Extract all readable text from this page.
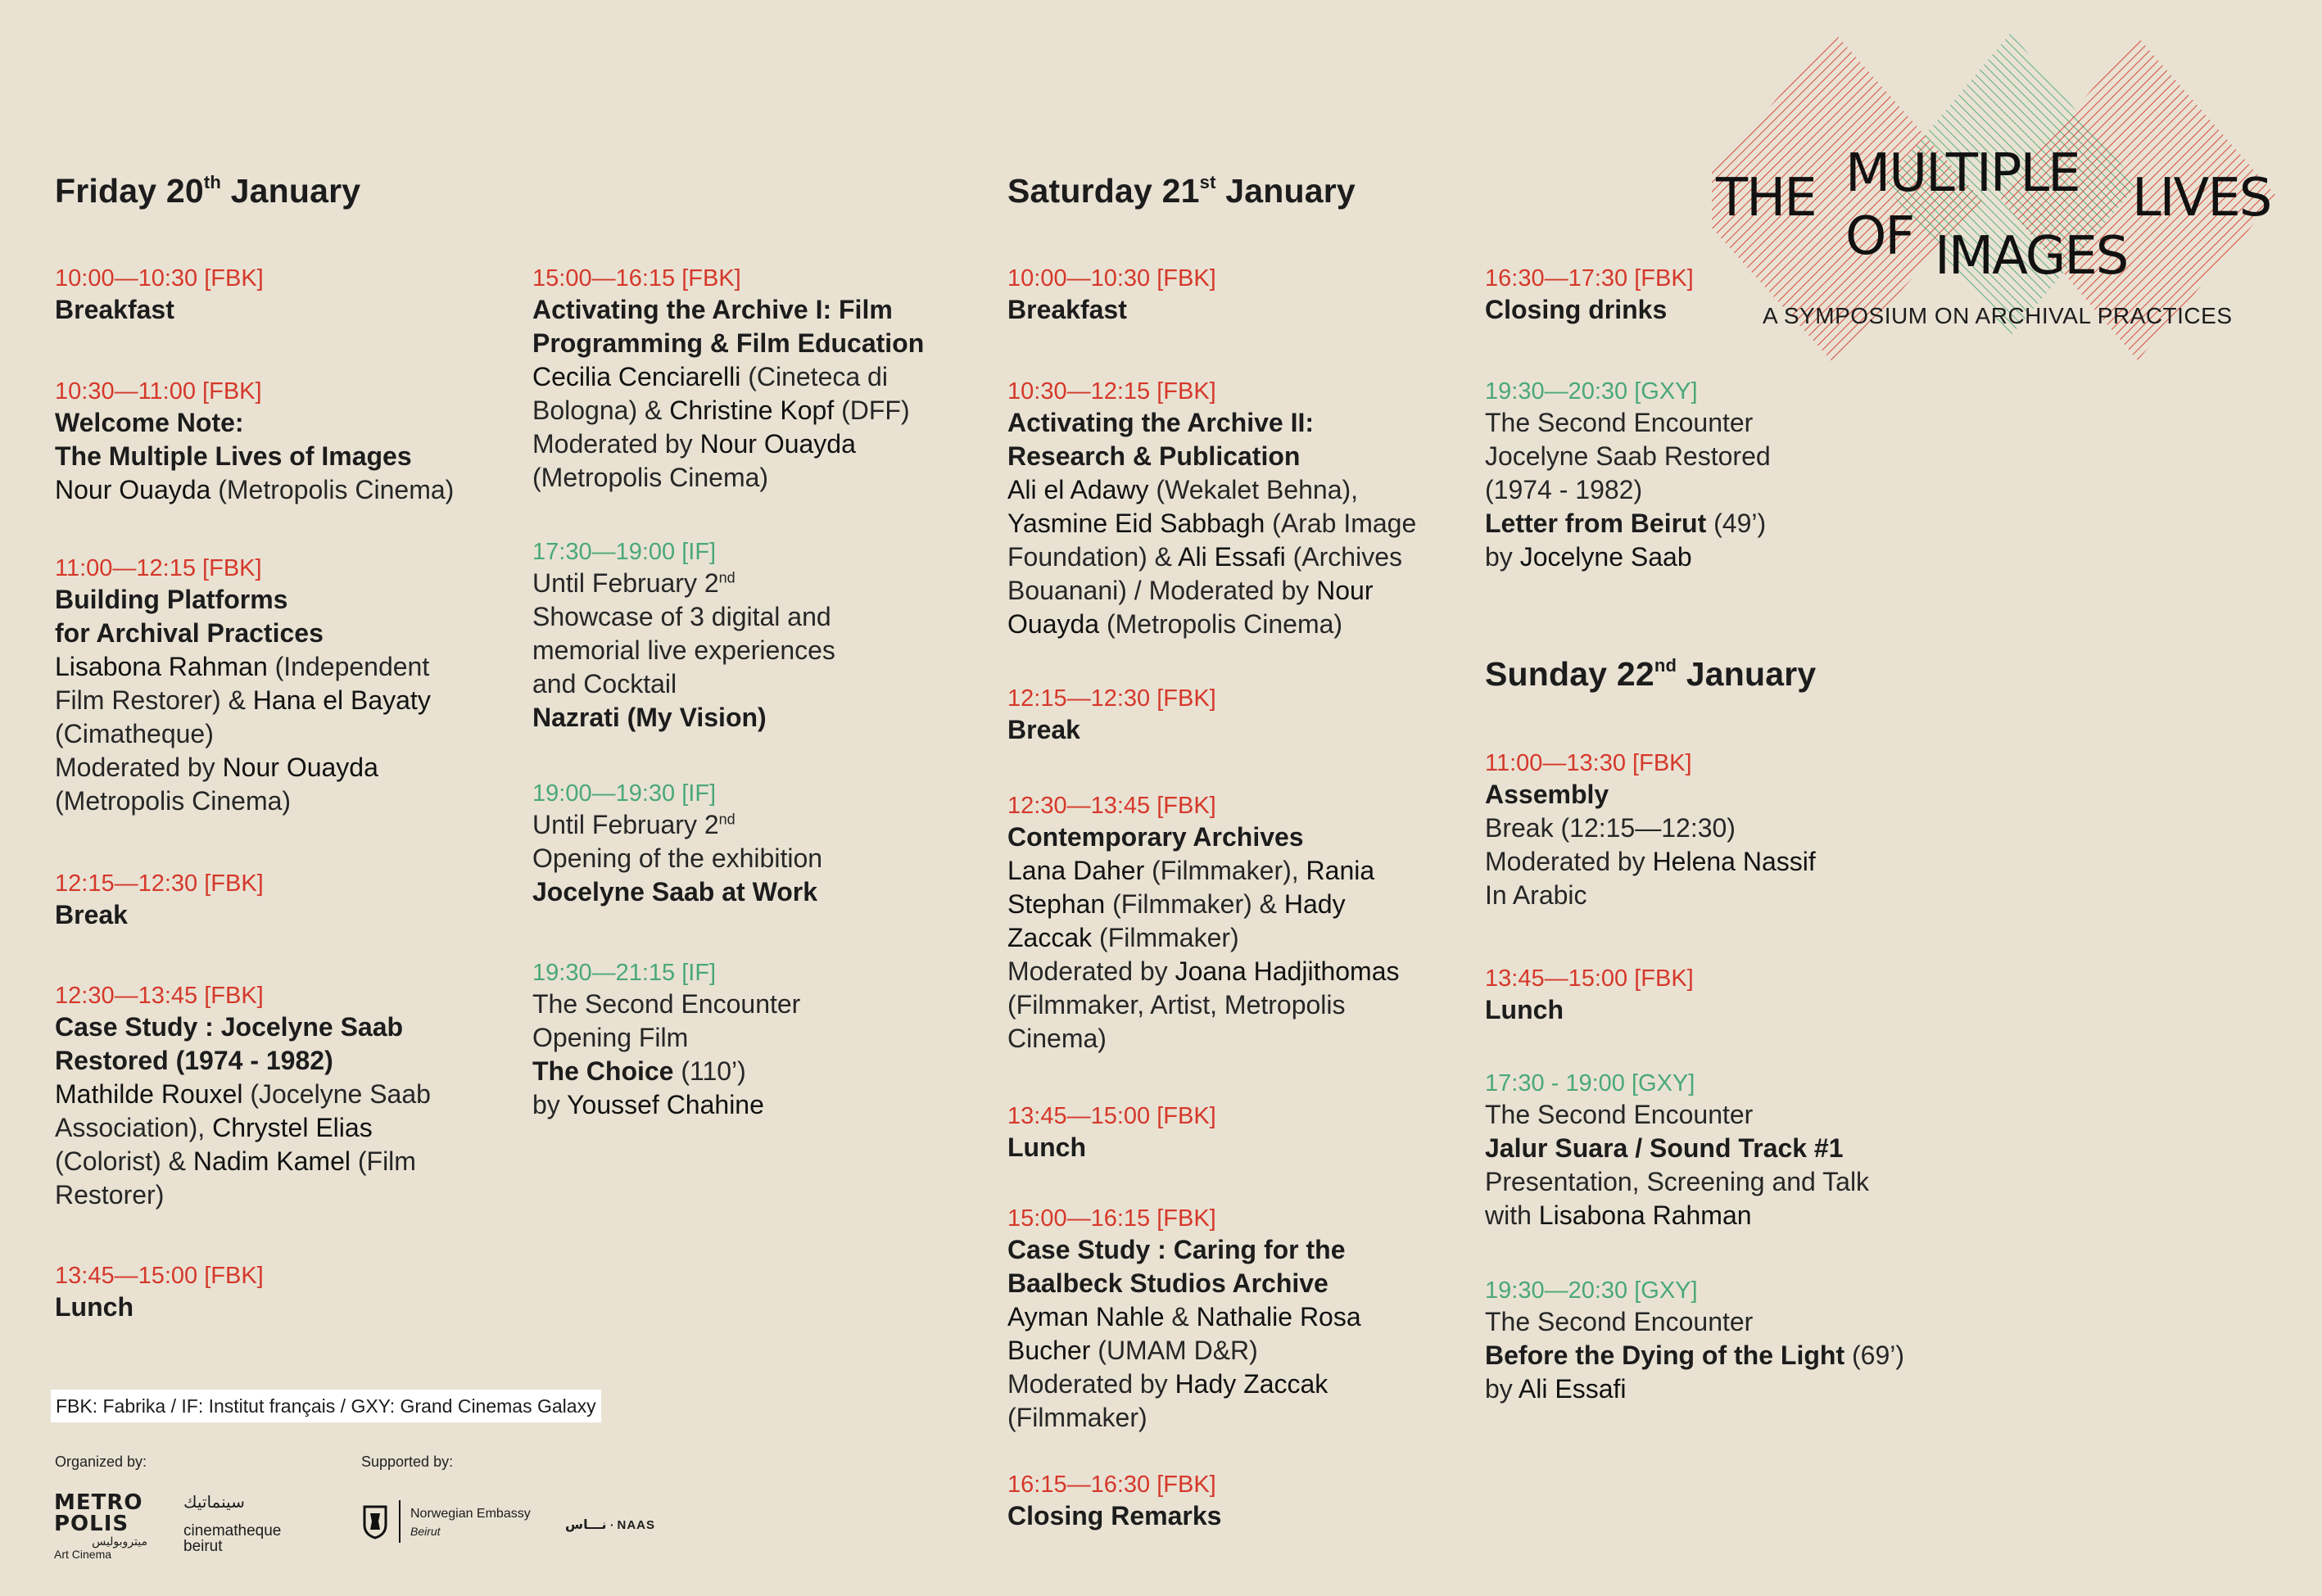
THE MULTIPLE LIVES
OF IMAGES
A SYMPOSIUM ON ARCHIVAL PRACTICES
Friday 20th January
10:00—10:30 [FBK]
Breakfast
10:30—11:00 [FBK]
Welcome Note:
The Multiple Lives of Images
Nour Ouayda (Metropolis Cinema)
11:00—12:15 [FBK]
Building Platforms
for Archival Practices
Lisabona Rahman (Independent
Film Restorer) & Hana el Bayaty
(Cimatheque)
Moderated by Nour Ouayda
(Metropolis Cinema)
12:15—12:30 [FBK]
Break
12:30—13:45 [FBK]
Case Study : Jocelyne Saab
Restored (1974 - 1982)
Mathilde Rouxel (Jocelyne Saab
Association), Chrystel Elias
(Colorist) & Nadim Kamel (Film
Restorer)
13:45—15:00 [FBK]
Lunch
15:00—16:15 [FBK]
Activating the Archive I: Film
Programming & Film Education
Cecilia Cenciarelli (Cineteca di
Bologna) & Christine Kopf (DFF)
Moderated by Nour Ouayda
(Metropolis Cinema)
17:30—19:00 [IF]
Until February 2nd
Showcase of 3 digital and
memorial live experiences
and Cocktail
Nazrati (My Vision)
19:00—19:30 [IF]
Until February 2nd
Opening of the exhibition
Jocelyne Saab at Work
19:30—21:15 [IF]
The Second Encounter
Opening Film
The Choice (110’)
by Youssef Chahine
Saturday 21st January
10:00—10:30 [FBK]
Breakfast
10:30—12:15 [FBK]
Activating the Archive II:
Research & Publication
Ali el Adawy (Wekalet Behna),
Yasmine Eid Sabbagh (Arab Image
Foundation) & Ali Essafi (Archives
Bouanani) / Moderated by Nour
Ouayda (Metropolis Cinema)
12:15—12:30 [FBK]
Break
12:30—13:45 [FBK]
Contemporary Archives
Lana Daher (Filmmaker), Rania
Stephan (Filmmaker) & Hady
Zaccak (Filmmaker)
Moderated by Joana Hadjithomas
(Filmmaker, Artist, Metropolis
Cinema)
13:45—15:00 [FBK]
Lunch
15:00—16:15 [FBK]
Case Study : Caring for the
Baalbeck Studios Archive
Ayman Nahle & Nathalie Rosa
Bucher (UMAM D&R)
Moderated by Hady Zaccak
(Filmmaker)
16:15—16:30 [FBK]
Closing Remarks
16:30—17:30 [FBK]
Closing drinks
19:30—20:30 [GXY]
The Second Encounter
Jocelyne Saab Restored
(1974 - 1982)
Letter from Beirut (49’)
by Jocelyne Saab
Sunday 22nd January
11:00—13:30 [FBK]
Assembly
Break (12:15—12:30)
Moderated by Helena Nassif
In Arabic
13:45—15:00 [FBK]
Lunch
17:30 - 19:00 [GXY]
The Second Encounter
Jalur Suara / Sound Track #1
Presentation, Screening and Talk
with Lisabona Rahman
19:30—20:30 [GXY]
The Second Encounter
Before the Dying of the Light (69’)
by Ali Essafi
FBK: Fabrika / IF: Institut français / GXY: Grand Cinemas Galaxy
Organized by:	Supported by:
METRO
POLIS
ميتروبوليس
Art Cinema
سينماتيك
cinematheque
beirut
Norwegian Embassy
Beirut	نـــاس · NAAS
